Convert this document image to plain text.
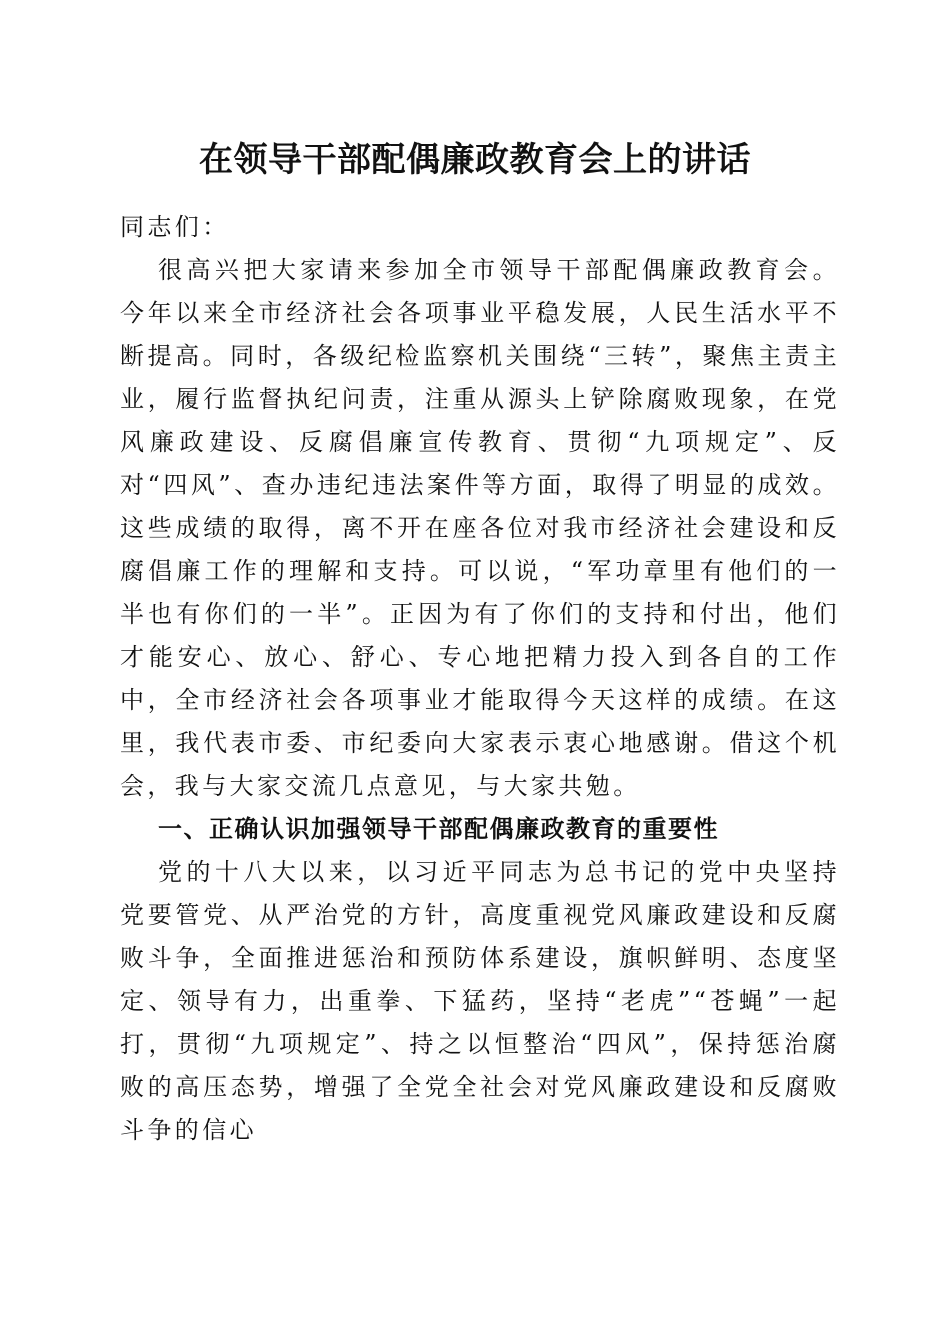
在领导干部配偶廉政教育会上的讲话

同志们：

很高兴把大家请来参加全市领导干部配偶廉政教育会。今年以来全市经济社会各项事业平稳发展，人民生活水平不断提高。同时，各级纪检监察机关围绕“三转”，聚焦主责主业，履行监督执纪问责，注重从源头上铲除腐败现象，在党风廉政建设、反腐倡廉宣传教育、贯彻“九项规定”、反对“四风”、查办违纪违法案件等方面，取得了明显的成效。这些成绩的取得，离不开在座各位对我市经济社会建设和反腐倡廉工作的理解和支持。可以说，“军功章里有他们的一半也有你们的一半”。正因为有了你们的支持和付出，他们才能安心、放心、舒心、专心地把精力投入到各自的工作中，全市经济社会各项事业才能取得今天这样的成绩。在这里，我代表市委、市纪委向大家表示衷心地感谢。借这个机会，我与大家交流几点意见，与大家共勉。

一、正确认识加强领导干部配偶廉政教育的重要性

党的十八大以来，以习近平同志为总书记的党中央坚持党要管党、从严治党的方针，高度重视党风廉政建设和反腐败斗争，全面推进惩治和预防体系建设，旗帜鲜明、态度坚定、领导有力，出重拳、下猛药，坚持“老虎”“苍蝇”一起打，贯彻“九项规定”、持之以恒整治“四风”，保持惩治腐败的高压态势，增强了全党全社会对党风廉政建设和反腐败斗争的信心
